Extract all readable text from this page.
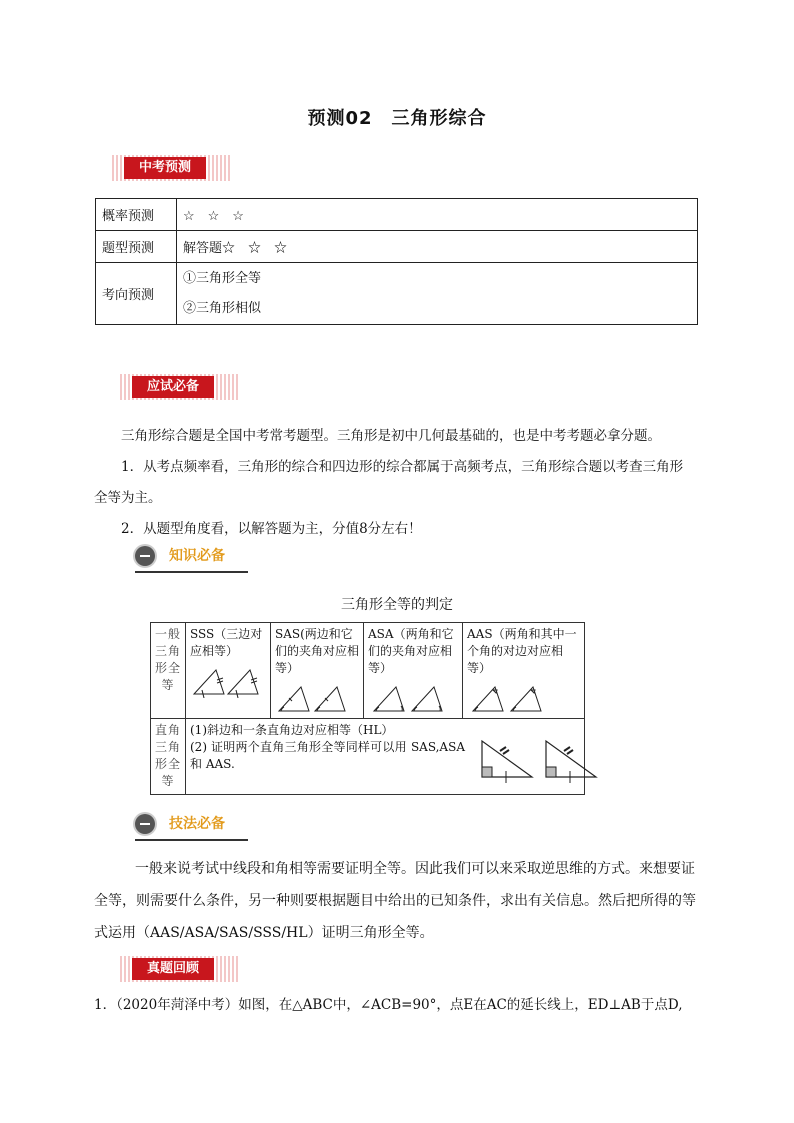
预测02　三角形综合
中考预测
概率预测	☆　☆　☆
题型预测	解答题☆　☆　☆
考向预测	①三角形全等
②三角形相似
应试必备
三角形综合题是全国中考常考题型。三角形是初中几何最基础的，也是中考考题必拿分题。
1．从考点频率看，三角形的综合和四边形的综合都属于高频考点，三角形综合题以考查三角形
全等为主。
2．从题型角度看，以解答题为主，分值8分左右！
知识必备
三角形全等的判定
一般三角形全等	SSS（三边对应相等）	SAS(两边和它们的夹角对应相等）	ASA（两角和它们的夹角对应相等）	AAS（两角和其中一个角的对边对应相等）

直角三角形全等	(1)斜边和一条直角边对应相等（HL）
(2) 证明两个直角三角形全等同样可以用 SAS,ASA 和 AAS.			
技法必备
一般来说考试中线段和角相等需要证明全等。因此我们可以来采取逆思维的方式。来想要证
全等，则需要什么条件，另一种则要根据题目中给出的已知条件，求出有关信息。然后把所得的等
式运用（AAS/ASA/SAS/SSS/HL）证明三角形全等。
真题回顾
1．（2020年菏泽中考）如图，在△ABC中，∠ACB=90°，点E在AC的延长线上，ED⊥AB于点D,
